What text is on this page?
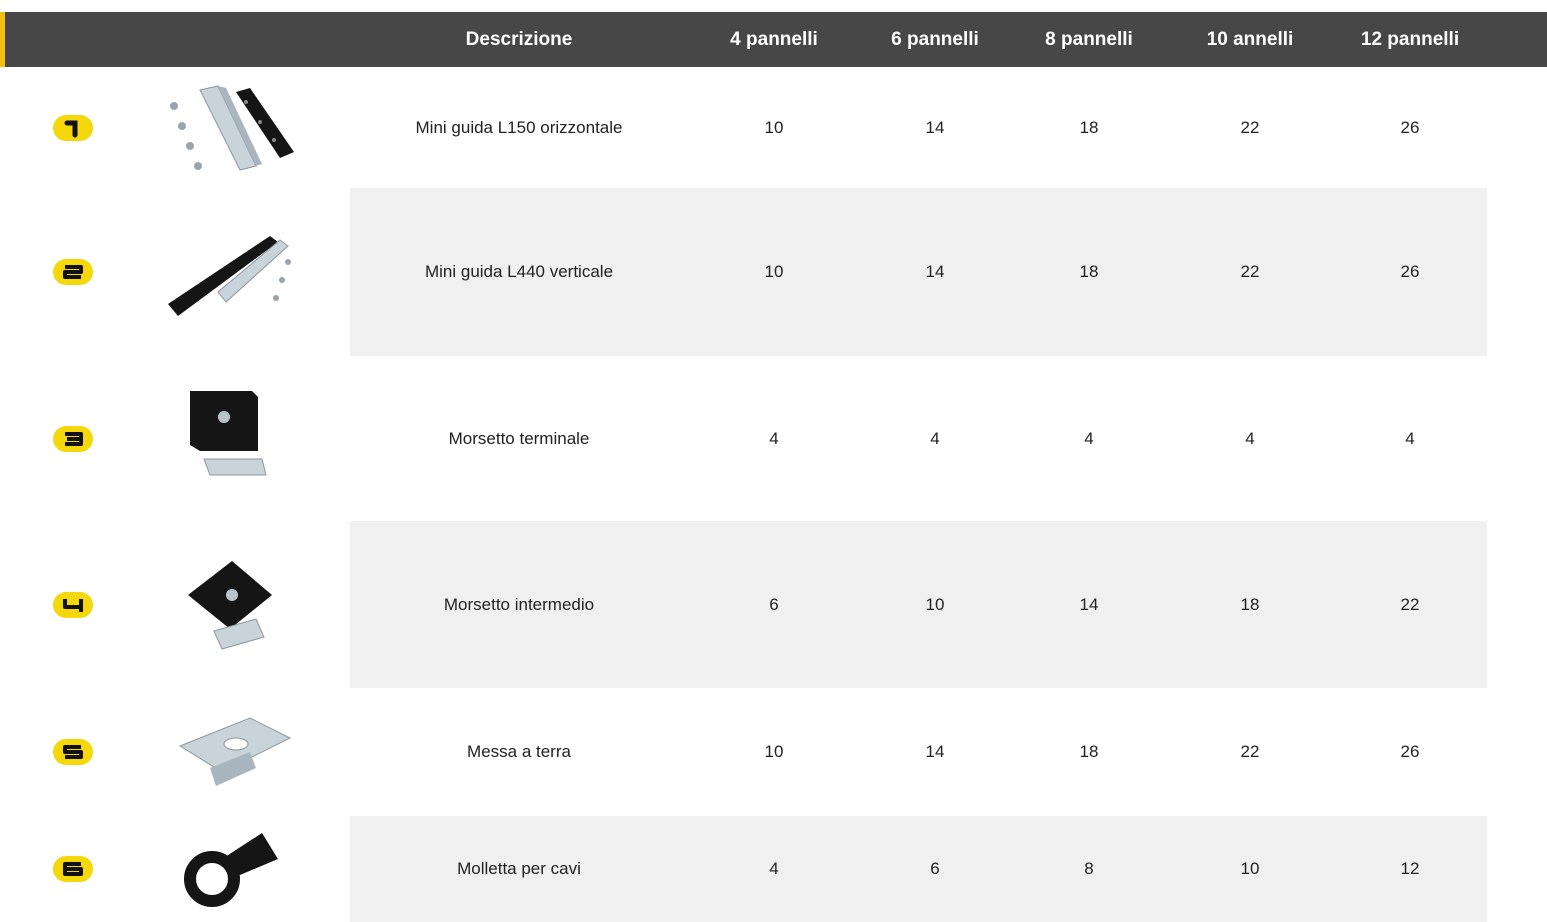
Descrizione	4 pannelli	6 pannelli	8 pannelli	10 annelli	12 pannelli
Mini guida L150 orizzontale	10	14	18	22	26
Mini guida L440 verticale	10	14	18	22	26
Morsetto terminale	4	4	4	4	4
Morsetto intermedio	6	10	14	18	22
Messa a terra	10	14	18	22	26
Molletta per cavi	4	6	8	10	12
